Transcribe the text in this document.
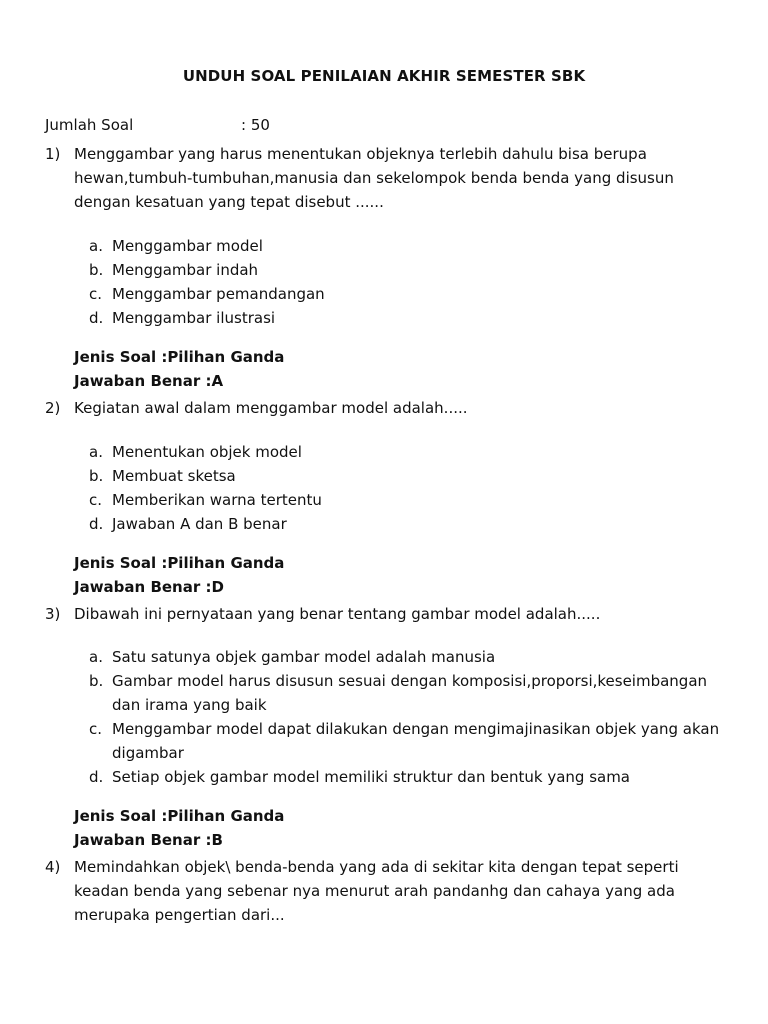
UNDUH SOAL PENILAIAN AKHIR SEMESTER SBK
Jumlah Soal	: 50
1) Menggambar yang harus menentukan objeknya terlebih dahulu bisa berupa hewan,tumbuh-tumbuhan,manusia dan sekelompok benda benda yang disusun dengan kesatuan yang tepat disebut ......
a. Menggambar model
b. Menggambar indah
c. Menggambar pemandangan
d. Menggambar ilustrasi
Jenis Soal :Pilihan Ganda
Jawaban Benar :A
2) Kegiatan awal dalam menggambar model adalah.....
a. Menentukan objek model
b. Membuat sketsa
c. Memberikan warna tertentu
d. Jawaban A dan B benar
Jenis Soal :Pilihan Ganda
Jawaban Benar :D
3) Dibawah ini pernyataan yang benar tentang gambar model adalah.....
a. Satu satunya objek gambar model adalah manusia
b. Gambar model harus disusun sesuai dengan komposisi,proporsi,keseimbangan dan irama yang baik
c. Menggambar model dapat dilakukan dengan mengimajinasikan objek yang akan digambar
d. Setiap objek gambar model memiliki struktur dan bentuk yang sama
Jenis Soal :Pilihan Ganda
Jawaban Benar :B
4) Memindahkan objek\ benda-benda yang ada di sekitar kita dengan tepat seperti keadan benda yang sebenar nya menurut arah pandanhg dan cahaya yang ada merupaka pengertian dari...
